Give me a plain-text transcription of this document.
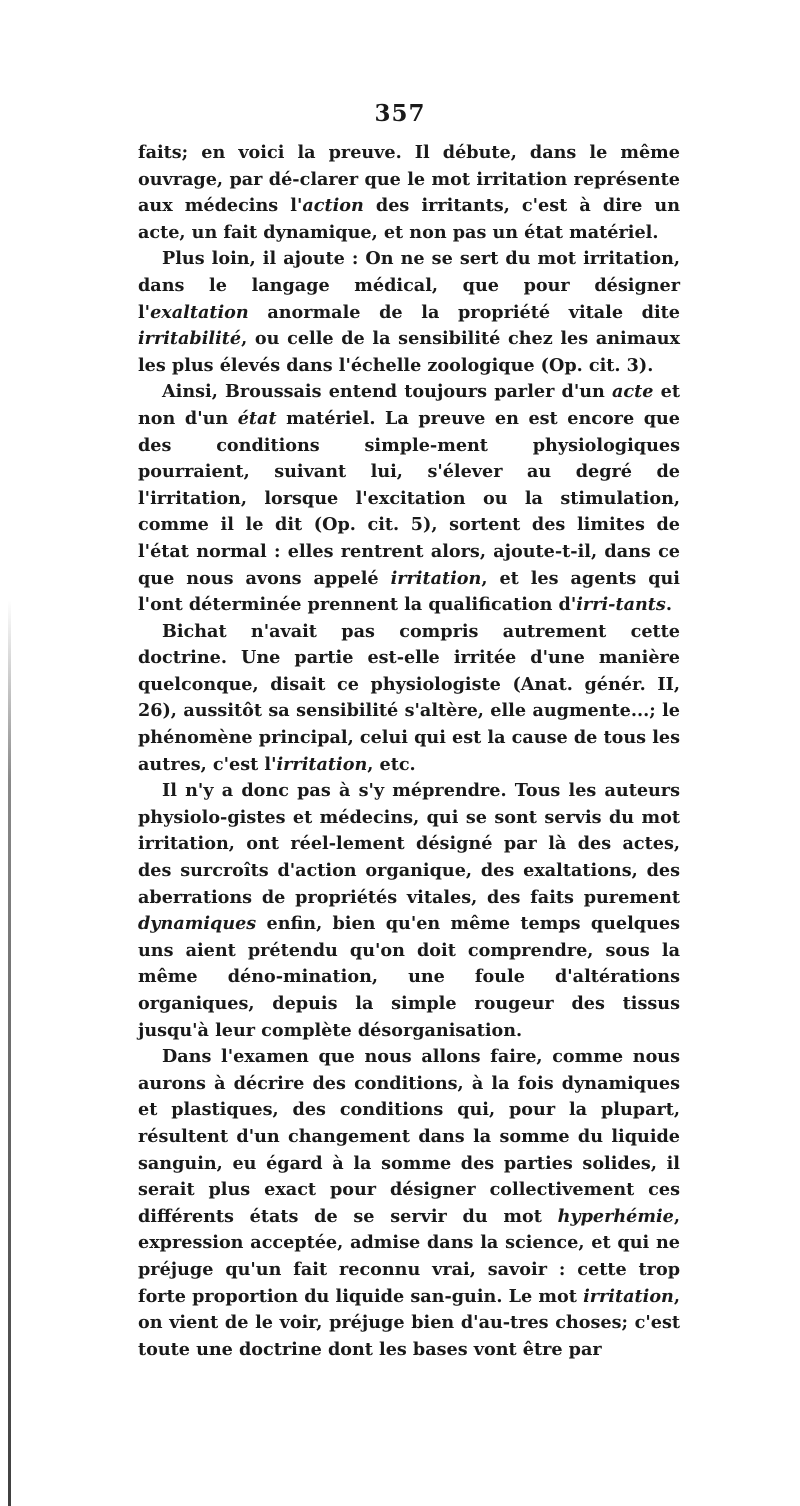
357

faits; en voici la preuve. Il débute, dans le même ouvrage, par dé-clarer que le mot irritation représente aux médecins l'action des irritants, c'est à dire un acte, un fait dynamique, et non pas un état matériel.

Plus loin, il ajoute : On ne se sert du mot irritation, dans le langage médical, que pour désigner l'exaltation anormale de la propriété vitale dite irritabilité, ou celle de la sensibilité chez les animaux les plus élevés dans l'échelle zoologique (Op. cit. 3).

Ainsi, Broussais entend toujours parler d'un acte et non d'un état matériel. La preuve en est encore que des conditions simple-ment physiologiques pourraient, suivant lui, s'élever au degré de l'irritation, lorsque l'excitation ou la stimulation, comme il le dit (Op. cit. 5), sortent des limites de l'état normal : elles rentrent alors, ajoute-t-il, dans ce que nous avons appelé irritation, et les agents qui l'ont déterminée prennent la qualification d'irri-tants.

Bichat n'avait pas compris autrement cette doctrine. Une partie est-elle irritée d'une manière quelconque, disait ce physiologiste (Anat. génér. II, 26), aussitôt sa sensibilité s'altère, elle augmente...; le phénomène principal, celui qui est la cause de tous les autres, c'est l'irritation, etc.

Il n'y a donc pas à s'y méprendre. Tous les auteurs physiolo-gistes et médecins, qui se sont servis du mot irritation, ont réel-lement désigné par là des actes, des surcroîts d'action organique, des exaltations, des aberrations de propriétés vitales, des faits purement dynamiques enfin, bien qu'en même temps quelques uns aient prétendu qu'on doit comprendre, sous la même déno-mination, une foule d'altérations organiques, depuis la simple rougeur des tissus jusqu'à leur complète désorganisation.

Dans l'examen que nous allons faire, comme nous aurons à décrire des conditions, à la fois dynamiques et plastiques, des conditions qui, pour la plupart, résultent d'un changement dans la somme du liquide sanguin, eu égard à la somme des parties solides, il serait plus exact pour désigner collectivement ces différents états de se servir du mot hyperhémie, expression acceptée, admise dans la science, et qui ne préjuge qu'un fait reconnu vrai, savoir : cette trop forte proportion du liquide san-guin. Le mot irritation, on vient de le voir, préjuge bien d'au-tres choses; c'est toute une doctrine dont les bases vont être par
